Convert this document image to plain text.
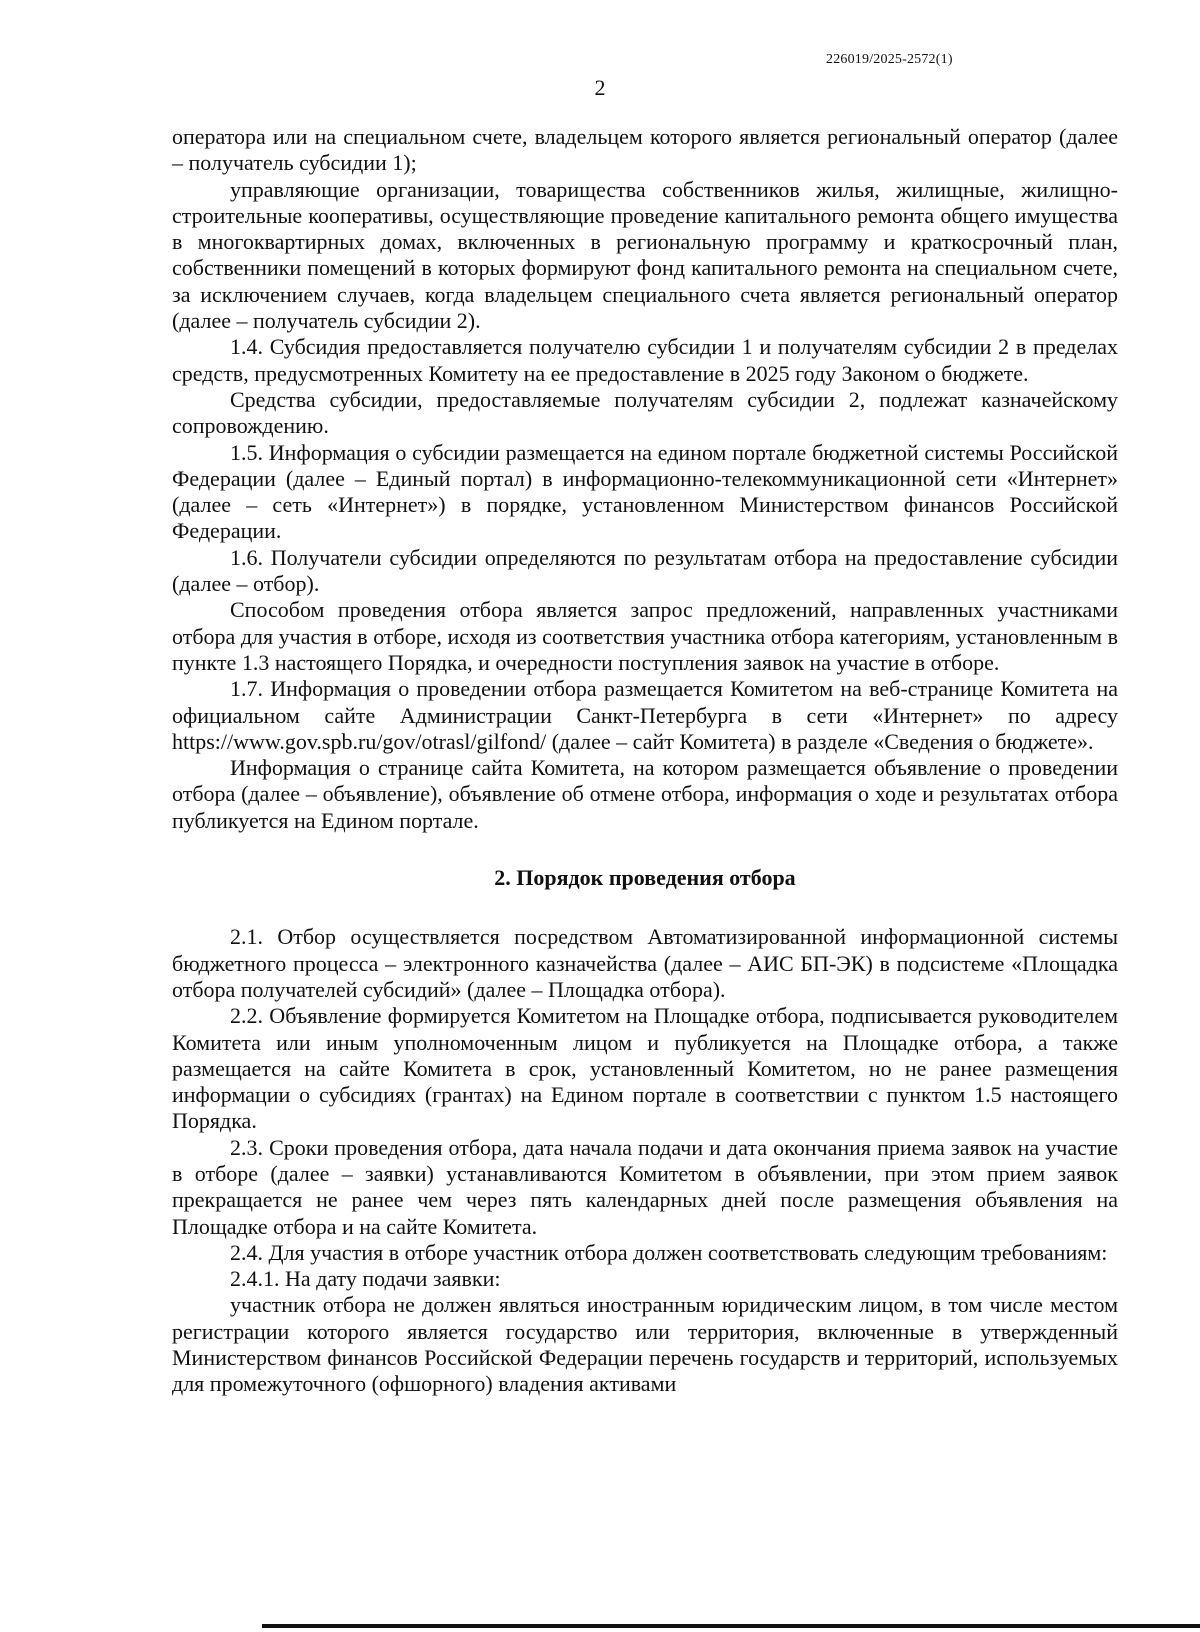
226019/2025-2572(1)
2

оператора или на специальном счете, владельцем которого является региональный оператор (далее – получатель субсидии 1);

управляющие организации, товарищества собственников жилья, жилищные, жилищно-строительные кооперативы, осуществляющие проведение капитального ремонта общего имущества в многоквартирных домах, включенных в региональную программу и краткосрочный план, собственники помещений в которых формируют фонд капитального ремонта на специальном счете, за исключением случаев, когда владельцем специального счета является региональный оператор (далее – получатель субсидии 2).

1.4. Субсидия предоставляется получателю субсидии 1 и получателям субсидии 2 в пределах средств, предусмотренных Комитету на ее предоставление в 2025 году Законом о бюджете.

Средства субсидии, предоставляемые получателям субсидии 2, подлежат казначейскому сопровождению.

1.5. Информация о субсидии размещается на едином портале бюджетной системы Российской Федерации (далее – Единый портал) в информационно-телекоммуникационной сети «Интернет» (далее – сеть «Интернет») в порядке, установленном Министерством финансов Российской Федерации.

1.6. Получатели субсидии определяются по результатам отбора на предоставление субсидии (далее – отбор).

Способом проведения отбора является запрос предложений, направленных участниками отбора для участия в отборе, исходя из соответствия участника отбора категориям, установленным в пункте 1.3 настоящего Порядка, и очередности поступления заявок на участие в отборе.

1.7. Информация о проведении отбора размещается Комитетом на веб-странице Комитета на официальном сайте Администрации Санкт-Петербурга в сети «Интернет» по адресу https://www.gov.spb.ru/gov/otrasl/gilfond/ (далее – сайт Комитета) в разделе «Сведения о бюджете».

Информация о странице сайта Комитета, на котором размещается объявление о проведении отбора (далее – объявление), объявление об отмене отбора, информация о ходе и результатах отбора публикуется на Едином портале.

2. Порядок проведения отбора

2.1. Отбор осуществляется посредством Автоматизированной информационной системы бюджетного процесса – электронного казначейства (далее – АИС БП-ЭК) в подсистеме «Площадка отбора получателей субсидий» (далее – Площадка отбора).

2.2. Объявление формируется Комитетом на Площадке отбора, подписывается руководителем Комитета или иным уполномоченным лицом и публикуется на Площадке отбора, а также размещается на сайте Комитета в срок, установленный Комитетом, но не ранее размещения информации о субсидиях (грантах) на Едином портале в соответствии с пунктом 1.5 настоящего Порядка.

2.3. Сроки проведения отбора, дата начала подачи и дата окончания приема заявок на участие в отборе (далее – заявки) устанавливаются Комитетом в объявлении, при этом прием заявок прекращается не ранее чем через пять календарных дней после размещения объявления на Площадке отбора и на сайте Комитета.

2.4. Для участия в отборе участник отбора должен соответствовать следующим требованиям:

2.4.1. На дату подачи заявки:

участник отбора не должен являться иностранным юридическим лицом, в том числе местом регистрации которого является государство или территория, включенные в утвержденный Министерством финансов Российской Федерации перечень государств и территорий, используемых для промежуточного (офшорного) владения активами
